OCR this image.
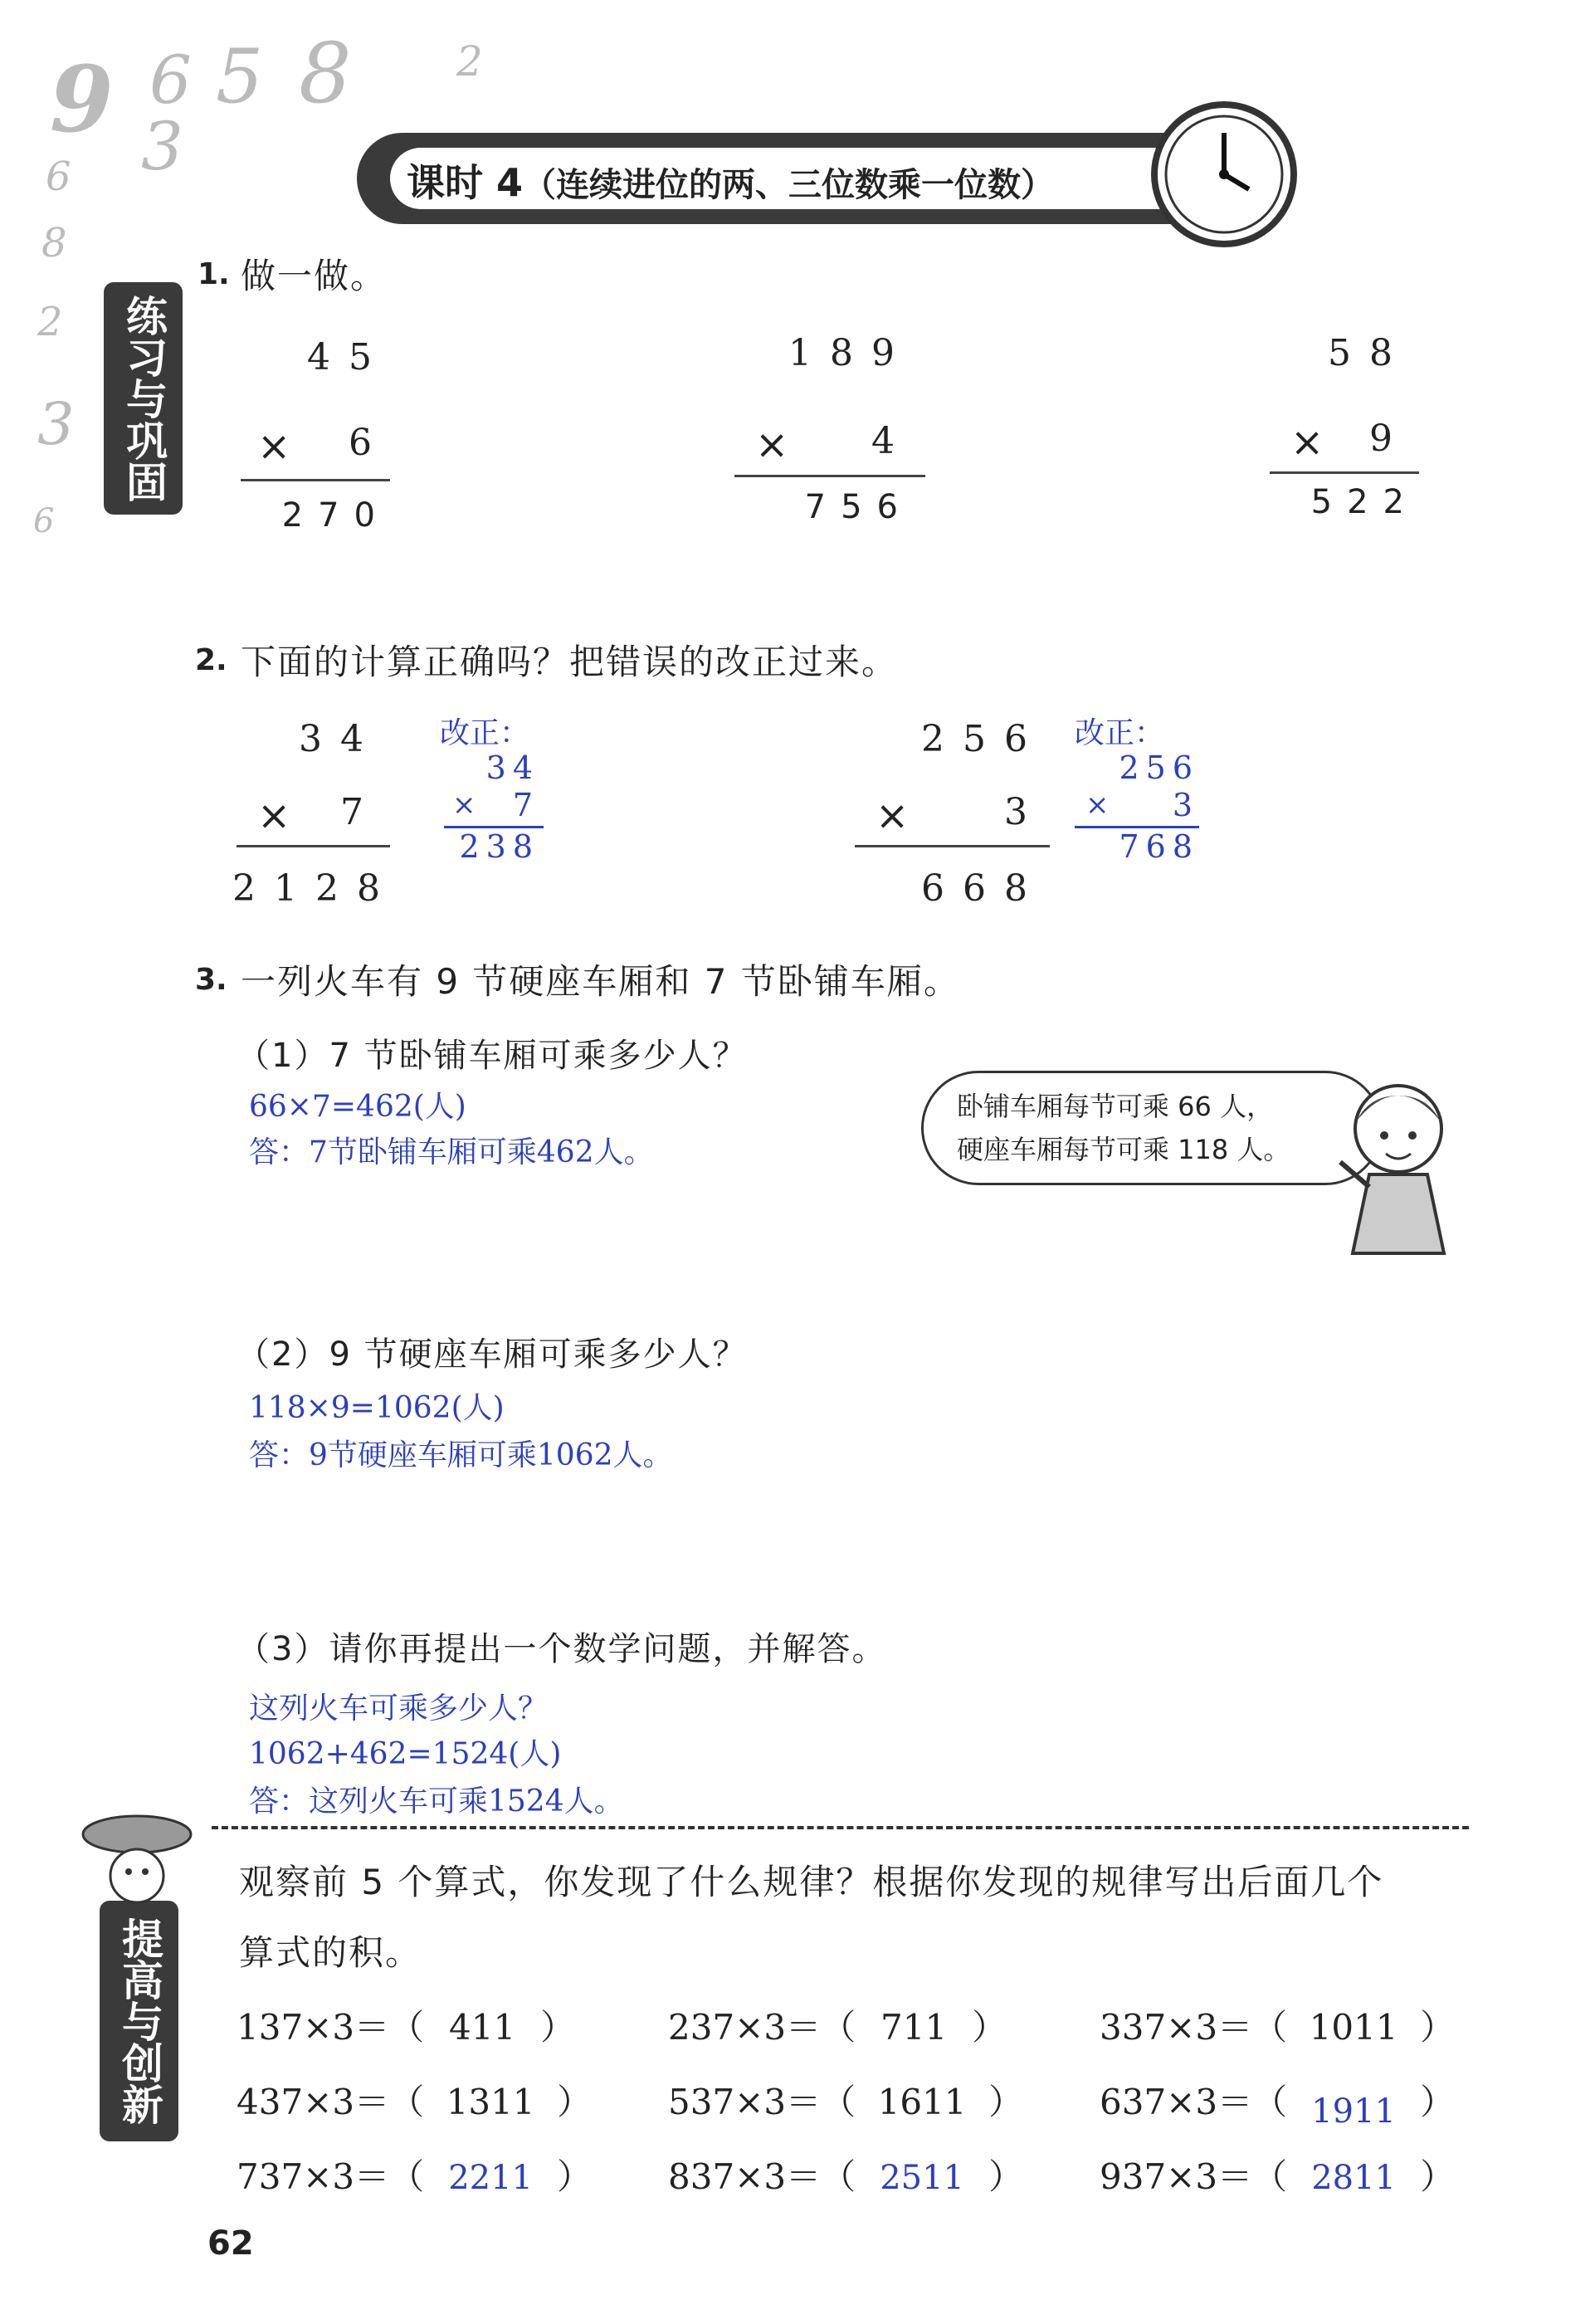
9 6 5 8
3
6
8
2
3
6
2
课时 4（连续进位的两、三位数乘一位数）
练习与巩固
1. 做一做。
45
×	6
270
189
×	4
756
58
×	9
522
2. 下面的计算正确吗？把错误的改正过来。
34
×	7
2128
改正：
34
×	7
238
256
×	3
668
改正：
256
×	3
768
3. 一列火车有 9 节硬座车厢和 7 节卧铺车厢。
（1）7 节卧铺车厢可乘多少人？
66×7=462(人)
答：7节卧铺车厢可乘462人。
卧铺车厢每节可乘 66 人，
硬座车厢每节可乘 118 人。
（2）9 节硬座车厢可乘多少人？
118×9=1062(人)
答：9节硬座车厢可乘1062人。
（3）请你再提出一个数学问题，并解答。
这列火车可乘多少人？
1062+462=1524(人)
答：这列火车可乘1524人。
提高与创新
观察前 5 个算式，你发现了什么规律？根据你发现的规律写出后面几个
算式的积。
137×3＝（ 411 ）	237×3＝（ 711 ）	337×3＝（ 1011 ）
437×3＝（ 1311 ） 537×3＝（ 1611 ） 637×3＝（ 1911 ）
737×3＝（ 2211 ） 837×3＝（ 2511 ） 937×3＝（ 2811 ）
62
